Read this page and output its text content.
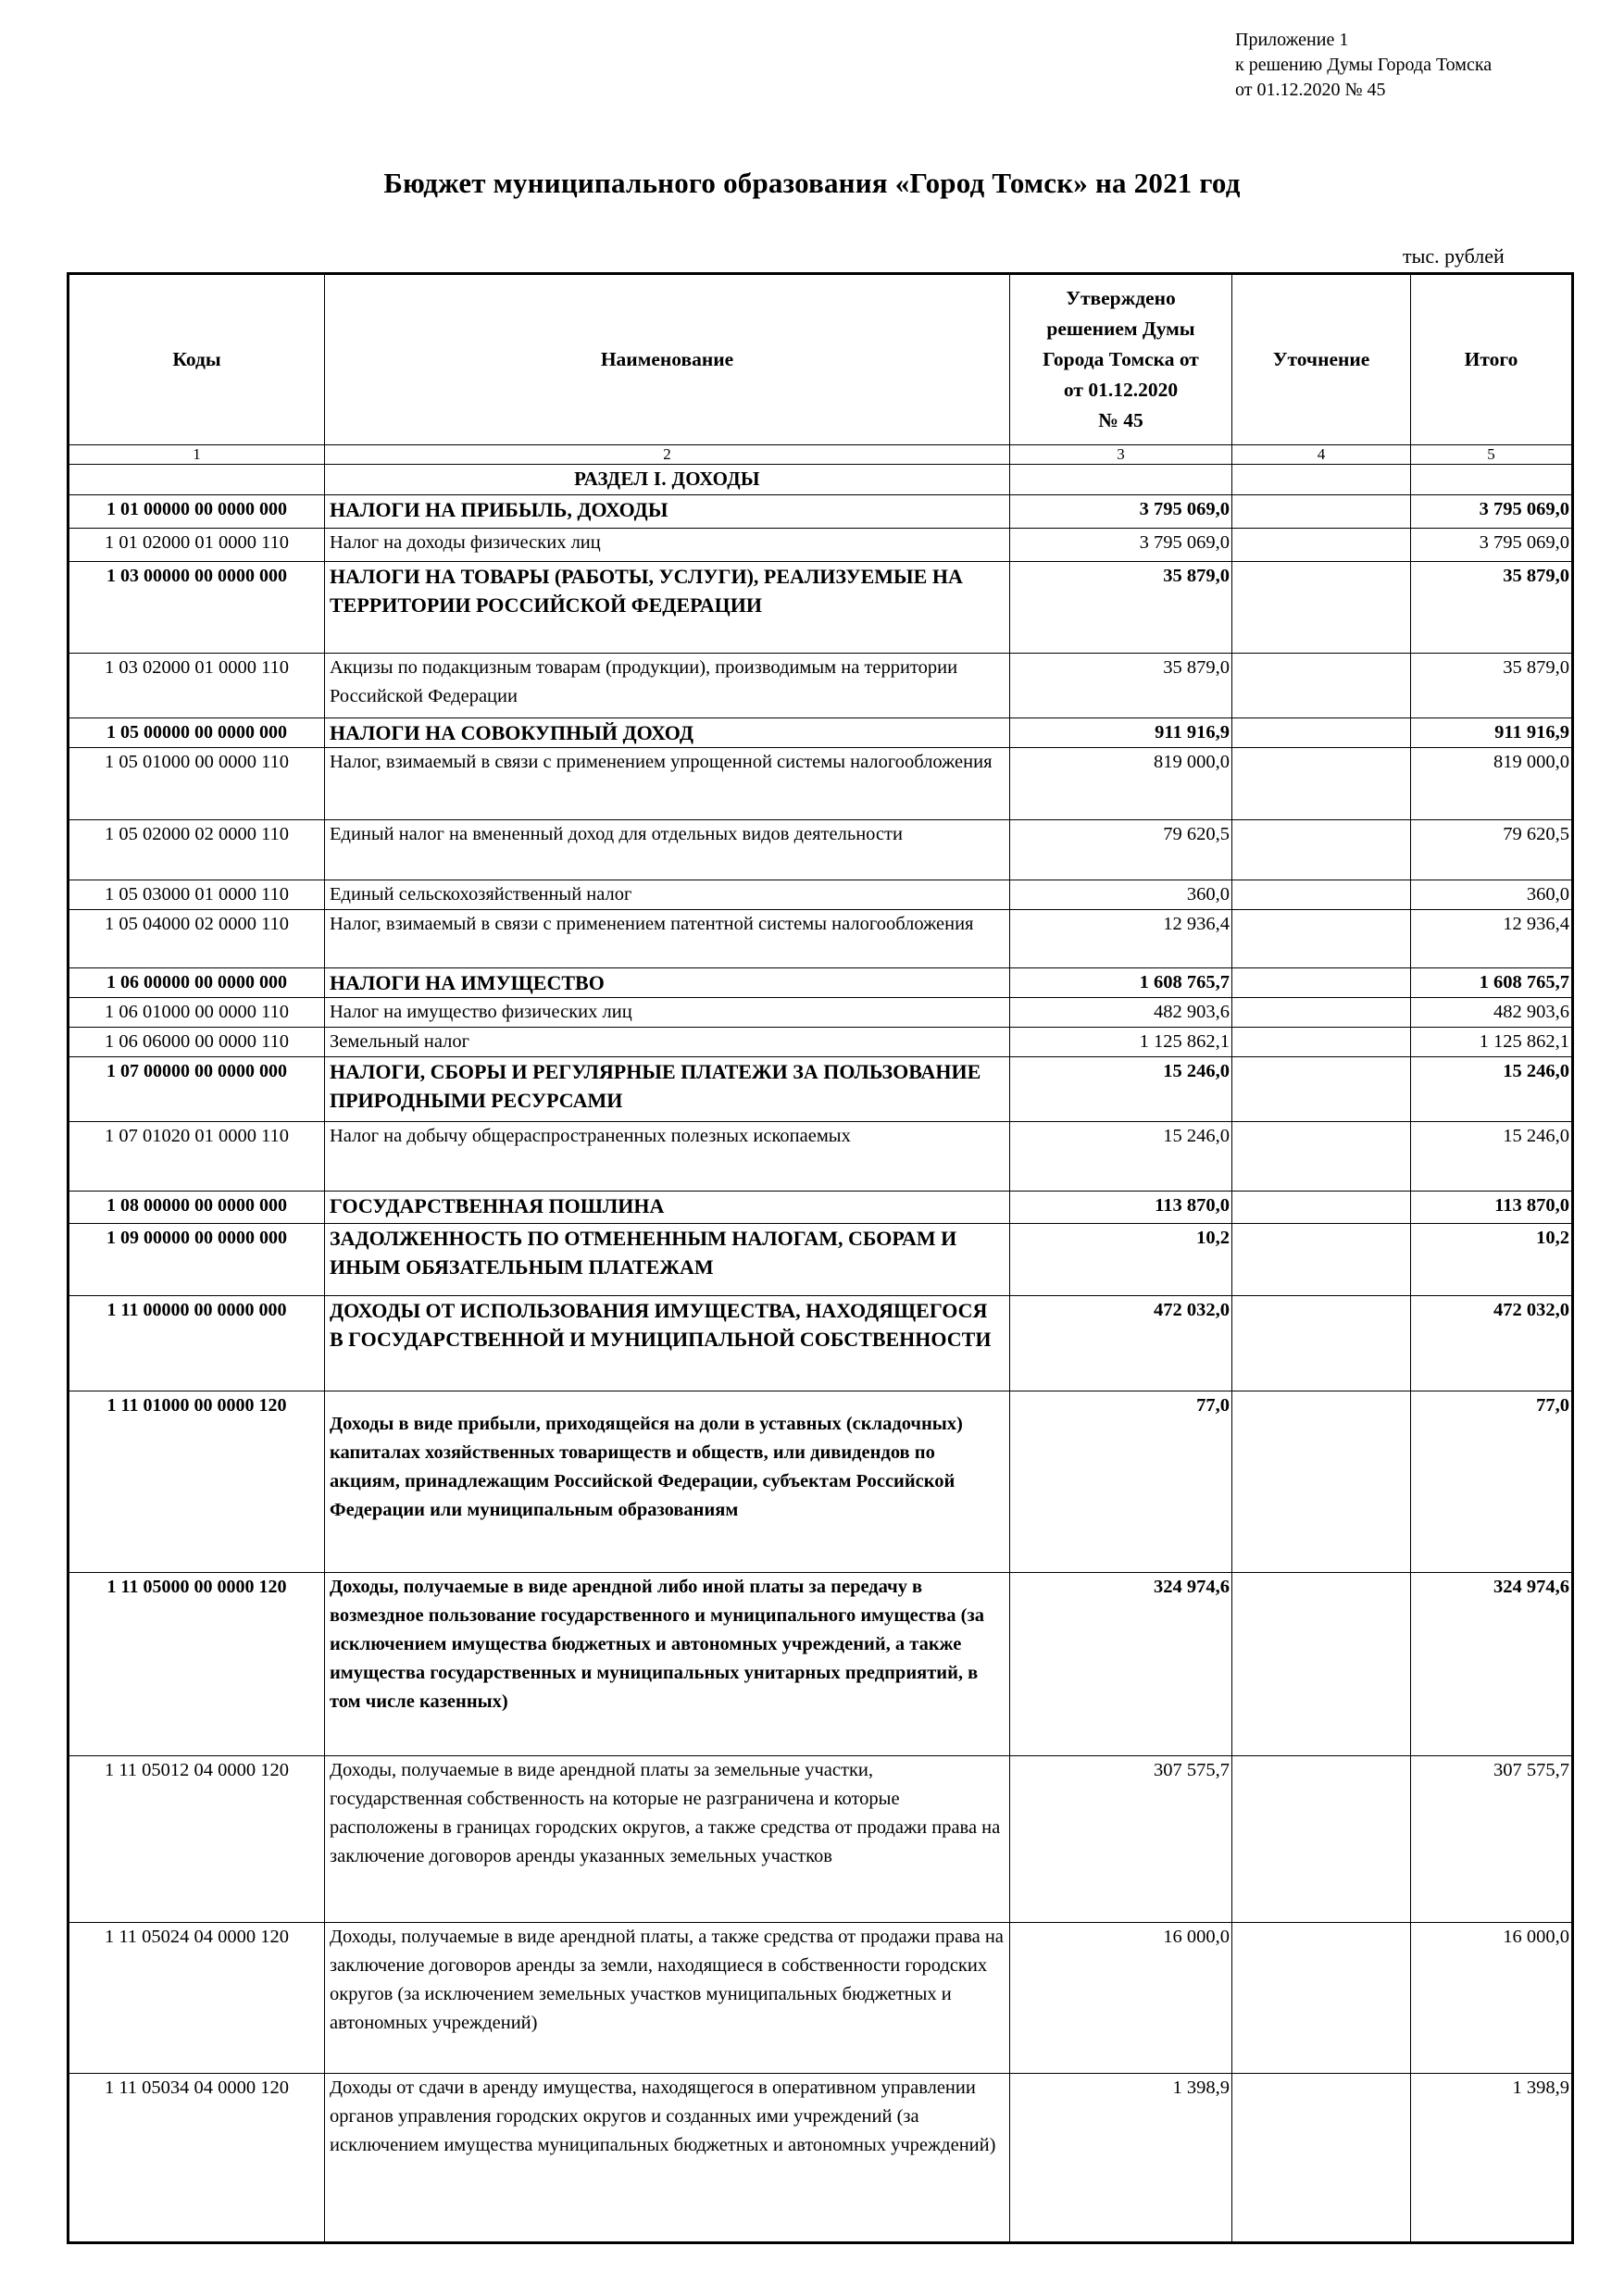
Приложение 1
к решению Думы Города Томска
от 01.12.2020 № 45
Бюджет муниципального образования «Город Томск» на 2021 год
тыс. рублей
Коды	Наименование	Утверждено
решением Думы
Города Томска от
от 01.12.2020
№ 45	Уточнение	Итого
1	2	3	4	5
	РАЗДЕЛ I. ДОХОДЫ			
1 01 00000 00 0000 000	НАЛОГИ НА ПРИБЫЛЬ, ДОХОДЫ	3 795 069,0		3 795 069,0
1 01 02000 01 0000 110	Налог на доходы физических лиц	3 795 069,0		3 795 069,0
1 03 00000 00 0000 000	НАЛОГИ НА ТОВАРЫ (РАБОТЫ, УСЛУГИ), РЕАЛИЗУЕМЫЕ НА ТЕРРИТОРИИ РОССИЙСКОЙ ФЕДЕРАЦИИ	35 879,0		35 879,0
1 03 02000 01 0000 110	Акцизы по подакцизным товарам (продукции), производимым на территории Российской Федерации	35 879,0		35 879,0
1 05 00000 00 0000 000	НАЛОГИ НА СОВОКУПНЫЙ ДОХОД	911 916,9		911 916,9
1 05 01000 00 0000 110	Налог, взимаемый в связи с применением упрощенной системы налогообложения	819 000,0		819 000,0
1 05 02000 02 0000 110	Единый налог на вмененный доход для отдельных видов деятельности	79 620,5		79 620,5
1 05 03000 01 0000 110	Единый сельскохозяйственный налог	360,0		360,0
1 05 04000 02 0000 110	Налог, взимаемый в связи с применением патентной системы налогообложения	12 936,4		12 936,4
1 06 00000 00 0000 000	НАЛОГИ НА ИМУЩЕСТВО	1 608 765,7		1 608 765,7
1 06 01000 00 0000 110	Налог на имущество физических лиц	482 903,6		482 903,6
1 06 06000 00 0000 110	Земельный налог	1 125 862,1		1 125 862,1
1 07 00000 00 0000 000	НАЛОГИ, СБОРЫ И РЕГУЛЯРНЫЕ ПЛАТЕЖИ ЗА ПОЛЬЗОВАНИЕ ПРИРОДНЫМИ РЕСУРСАМИ	15 246,0		15 246,0
1 07 01020 01 0000 110	Налог на добычу общераспространенных полезных ископаемых	15 246,0		15 246,0
1 08 00000 00 0000 000	ГОСУДАРСТВЕННАЯ ПОШЛИНА	113 870,0		113 870,0
1 09 00000 00 0000 000	ЗАДОЛЖЕННОСТЬ ПО ОТМЕНЕННЫМ НАЛОГАМ, СБОРАМ И ИНЫМ ОБЯЗАТЕЛЬНЫМ ПЛАТЕЖАМ	10,2		10,2
1 11 00000 00 0000 000	ДОХОДЫ ОТ ИСПОЛЬЗОВАНИЯ ИМУЩЕСТВА, НАХОДЯЩЕГОСЯ В ГОСУДАРСТВЕННОЙ И МУНИЦИПАЛЬНОЙ СОБСТВЕННОСТИ	472 032,0		472 032,0
1 11 01000 00 0000 120	Доходы в виде прибыли, приходящейся на доли в уставных (складочных) капиталах хозяйственных товариществ и обществ, или дивидендов по акциям, принадлежащим Российской Федерации, субъектам Российской Федерации или муниципальным образованиям	77,0		77,0
1 11 05000 00 0000 120	Доходы, получаемые в виде арендной либо иной платы за передачу в возмездное пользование государственного и муниципального имущества (за исключением имущества бюджетных и автономных учреждений, а также имущества государственных и муниципальных унитарных предприятий, в том числе казенных)	324 974,6		324 974,6
1 11 05012 04 0000 120	Доходы, получаемые в виде арендной платы за земельные участки, государственная собственность на которые не разграничена и которые расположены в границах городских округов, а также средства от продажи права на заключение договоров аренды указанных земельных участков	307 575,7		307 575,7
1 11 05024 04 0000 120	Доходы, получаемые в виде арендной платы, а также средства от продажи права на заключение договоров аренды за земли, находящиеся в собственности городских округов (за исключением земельных участков муниципальных бюджетных и автономных учреждений)	16 000,0		16 000,0
1 11 05034 04 0000 120	Доходы от сдачи в аренду имущества, находящегося в оперативном управлении органов управления городских округов и созданных ими учреждений (за исключением имущества муниципальных бюджетных и автономных учреждений)	1 398,9		1 398,9
